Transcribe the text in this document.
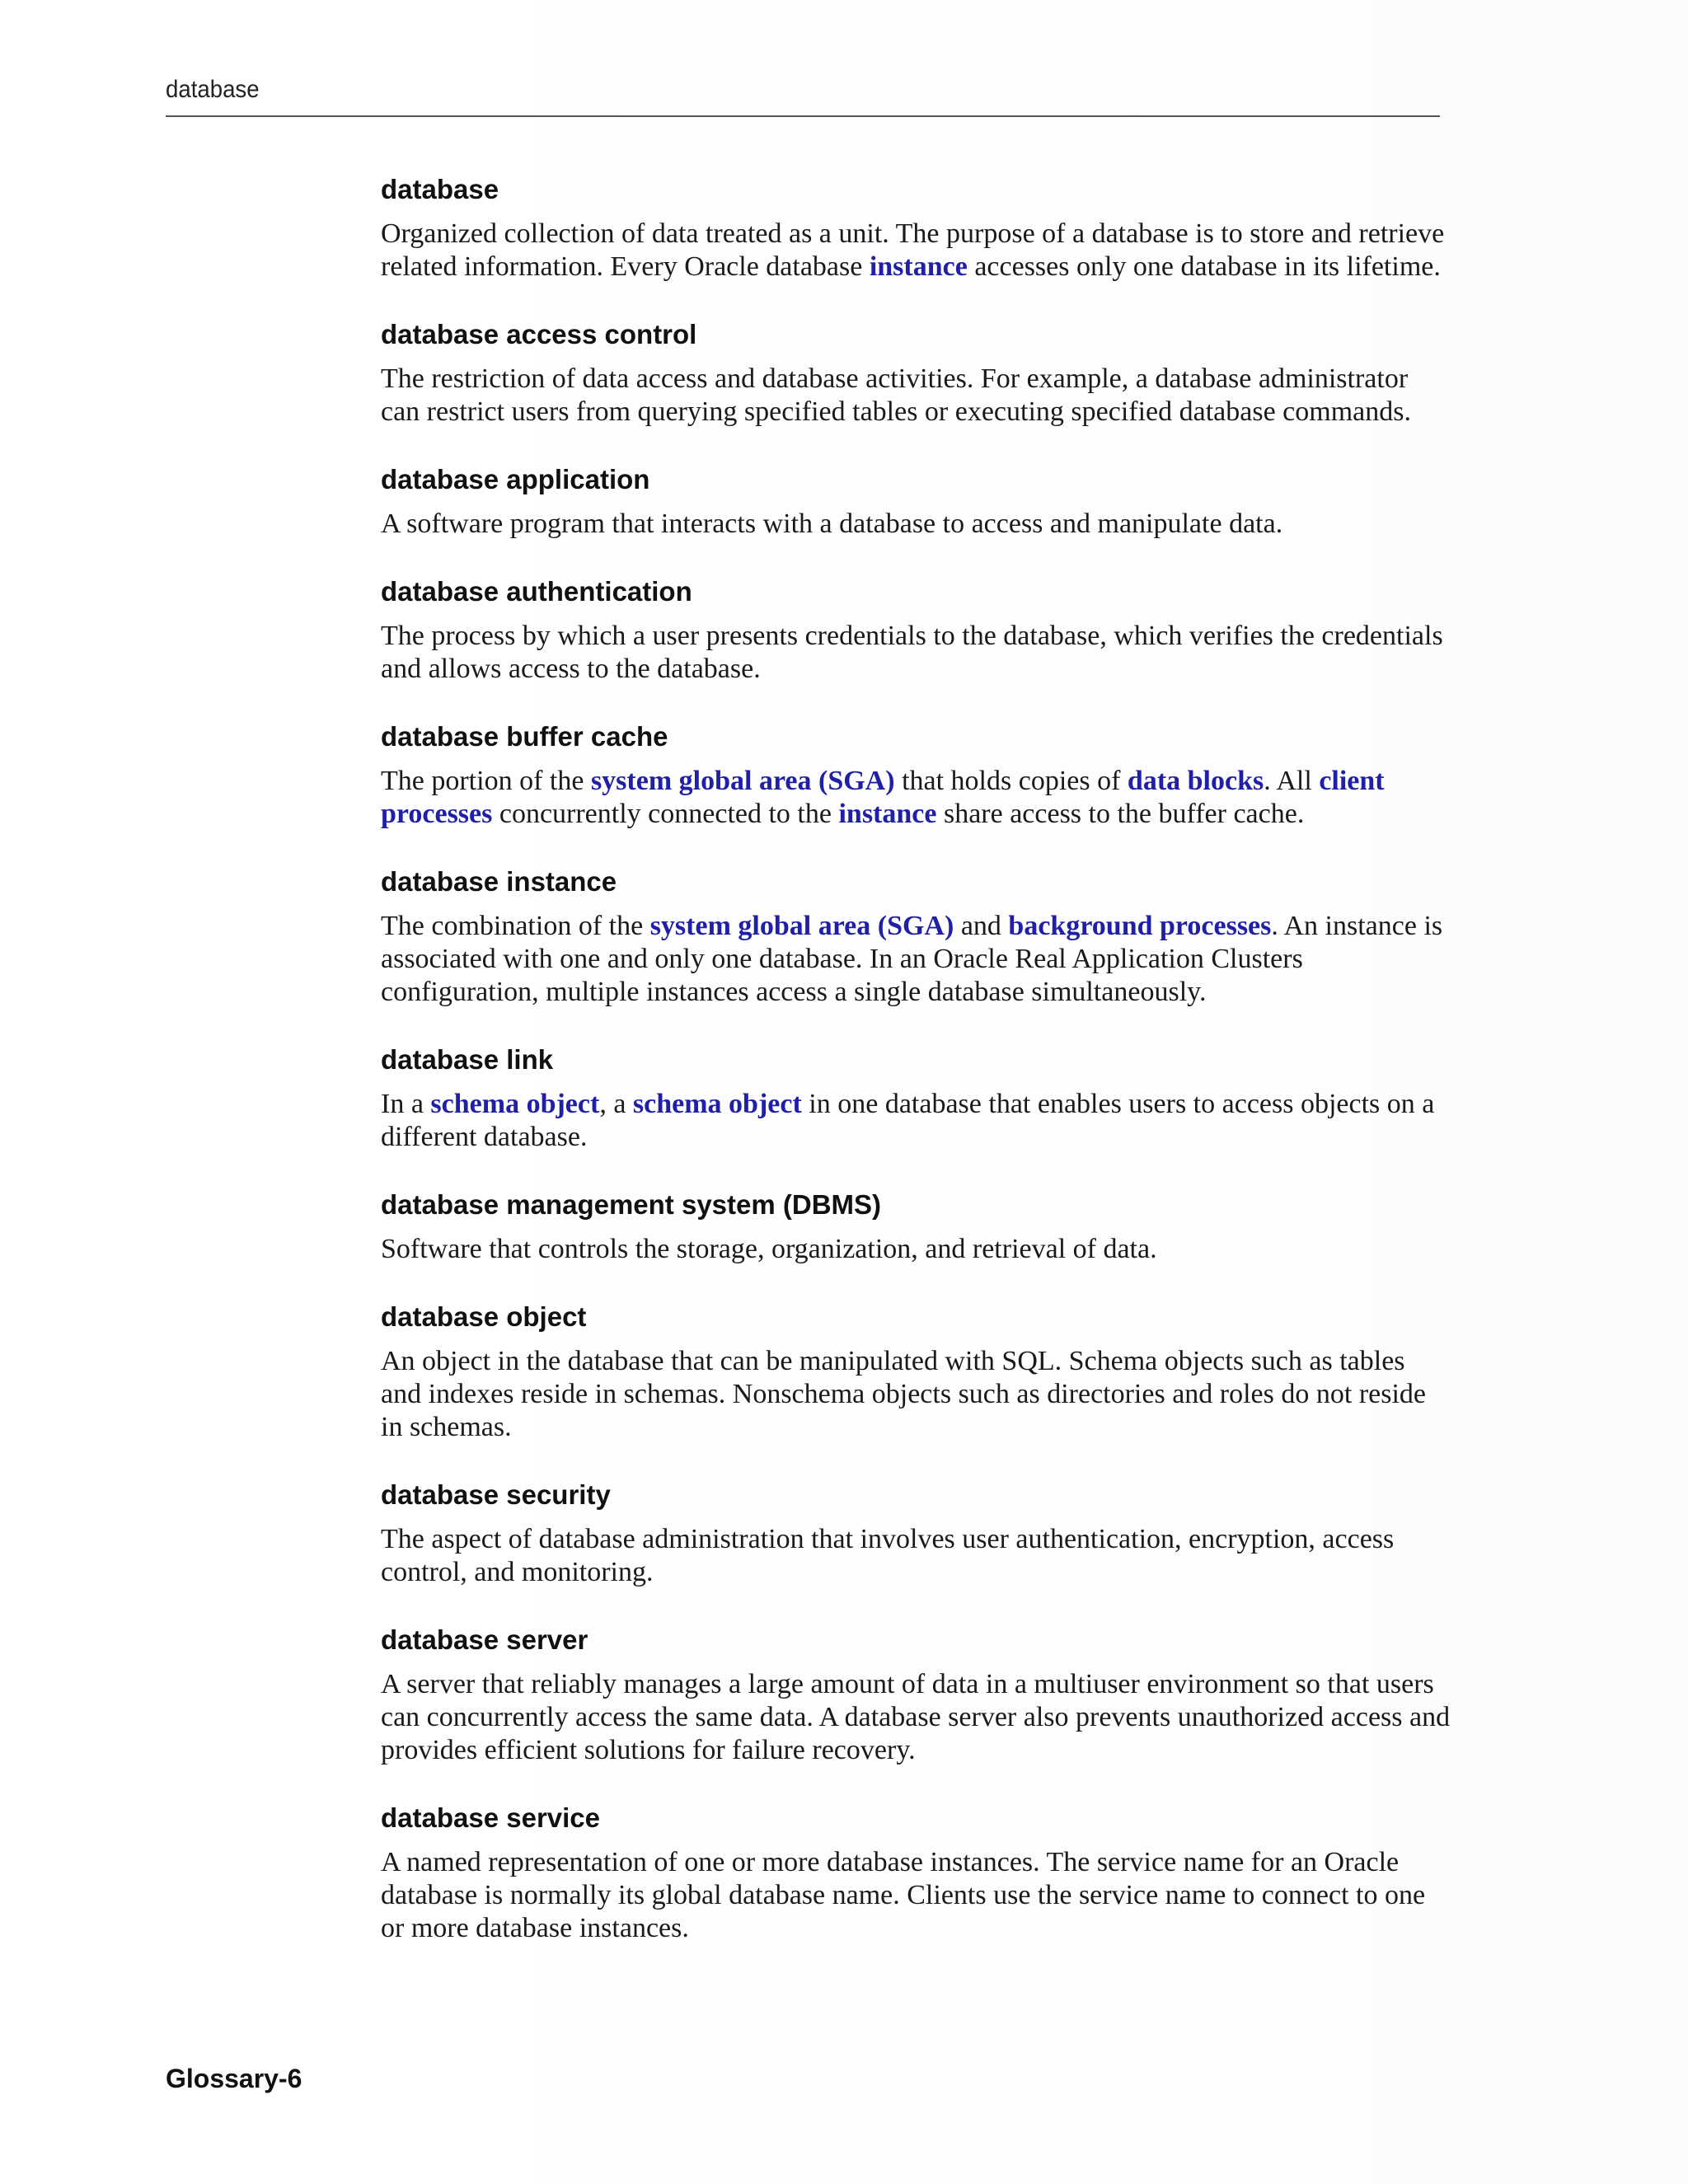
database
database

Organized collection of data treated as a unit. The purpose of a database is to store and retrieve related information. Every Oracle database instance accesses only one database in its lifetime.

database access control

The restriction of data access and database activities. For example, a database administrator can restrict users from querying specified tables or executing specified database commands.

database application

A software program that interacts with a database to access and manipulate data.

database authentication

The process by which a user presents credentials to the database, which verifies the credentials and allows access to the database.

database buffer cache

The portion of the system global area (SGA) that holds copies of data blocks. All client processes concurrently connected to the instance share access to the buffer cache.

database instance

The combination of the system global area (SGA) and background processes. An instance is associated with one and only one database. In an Oracle Real Application Clusters configuration, multiple instances access a single database simultaneously.

database link

In a schema object, a schema object in one database that enables users to access objects on a different database.

database management system (DBMS)

Software that controls the storage, organization, and retrieval of data.

database object

An object in the database that can be manipulated with SQL. Schema objects such as tables and indexes reside in schemas. Nonschema objects such as directories and roles do not reside in schemas.

database security

The aspect of database administration that involves user authentication, encryption, access control, and monitoring.

database server

A server that reliably manages a large amount of data in a multiuser environment so that users can concurrently access the same data. A database server also prevents unauthorized access and provides efficient solutions for failure recovery.

database service

A named representation of one or more database instances. The service name for an Oracle database is normally its global database name. Clients use the service name to connect to one or more database instances.

Glossary-6
